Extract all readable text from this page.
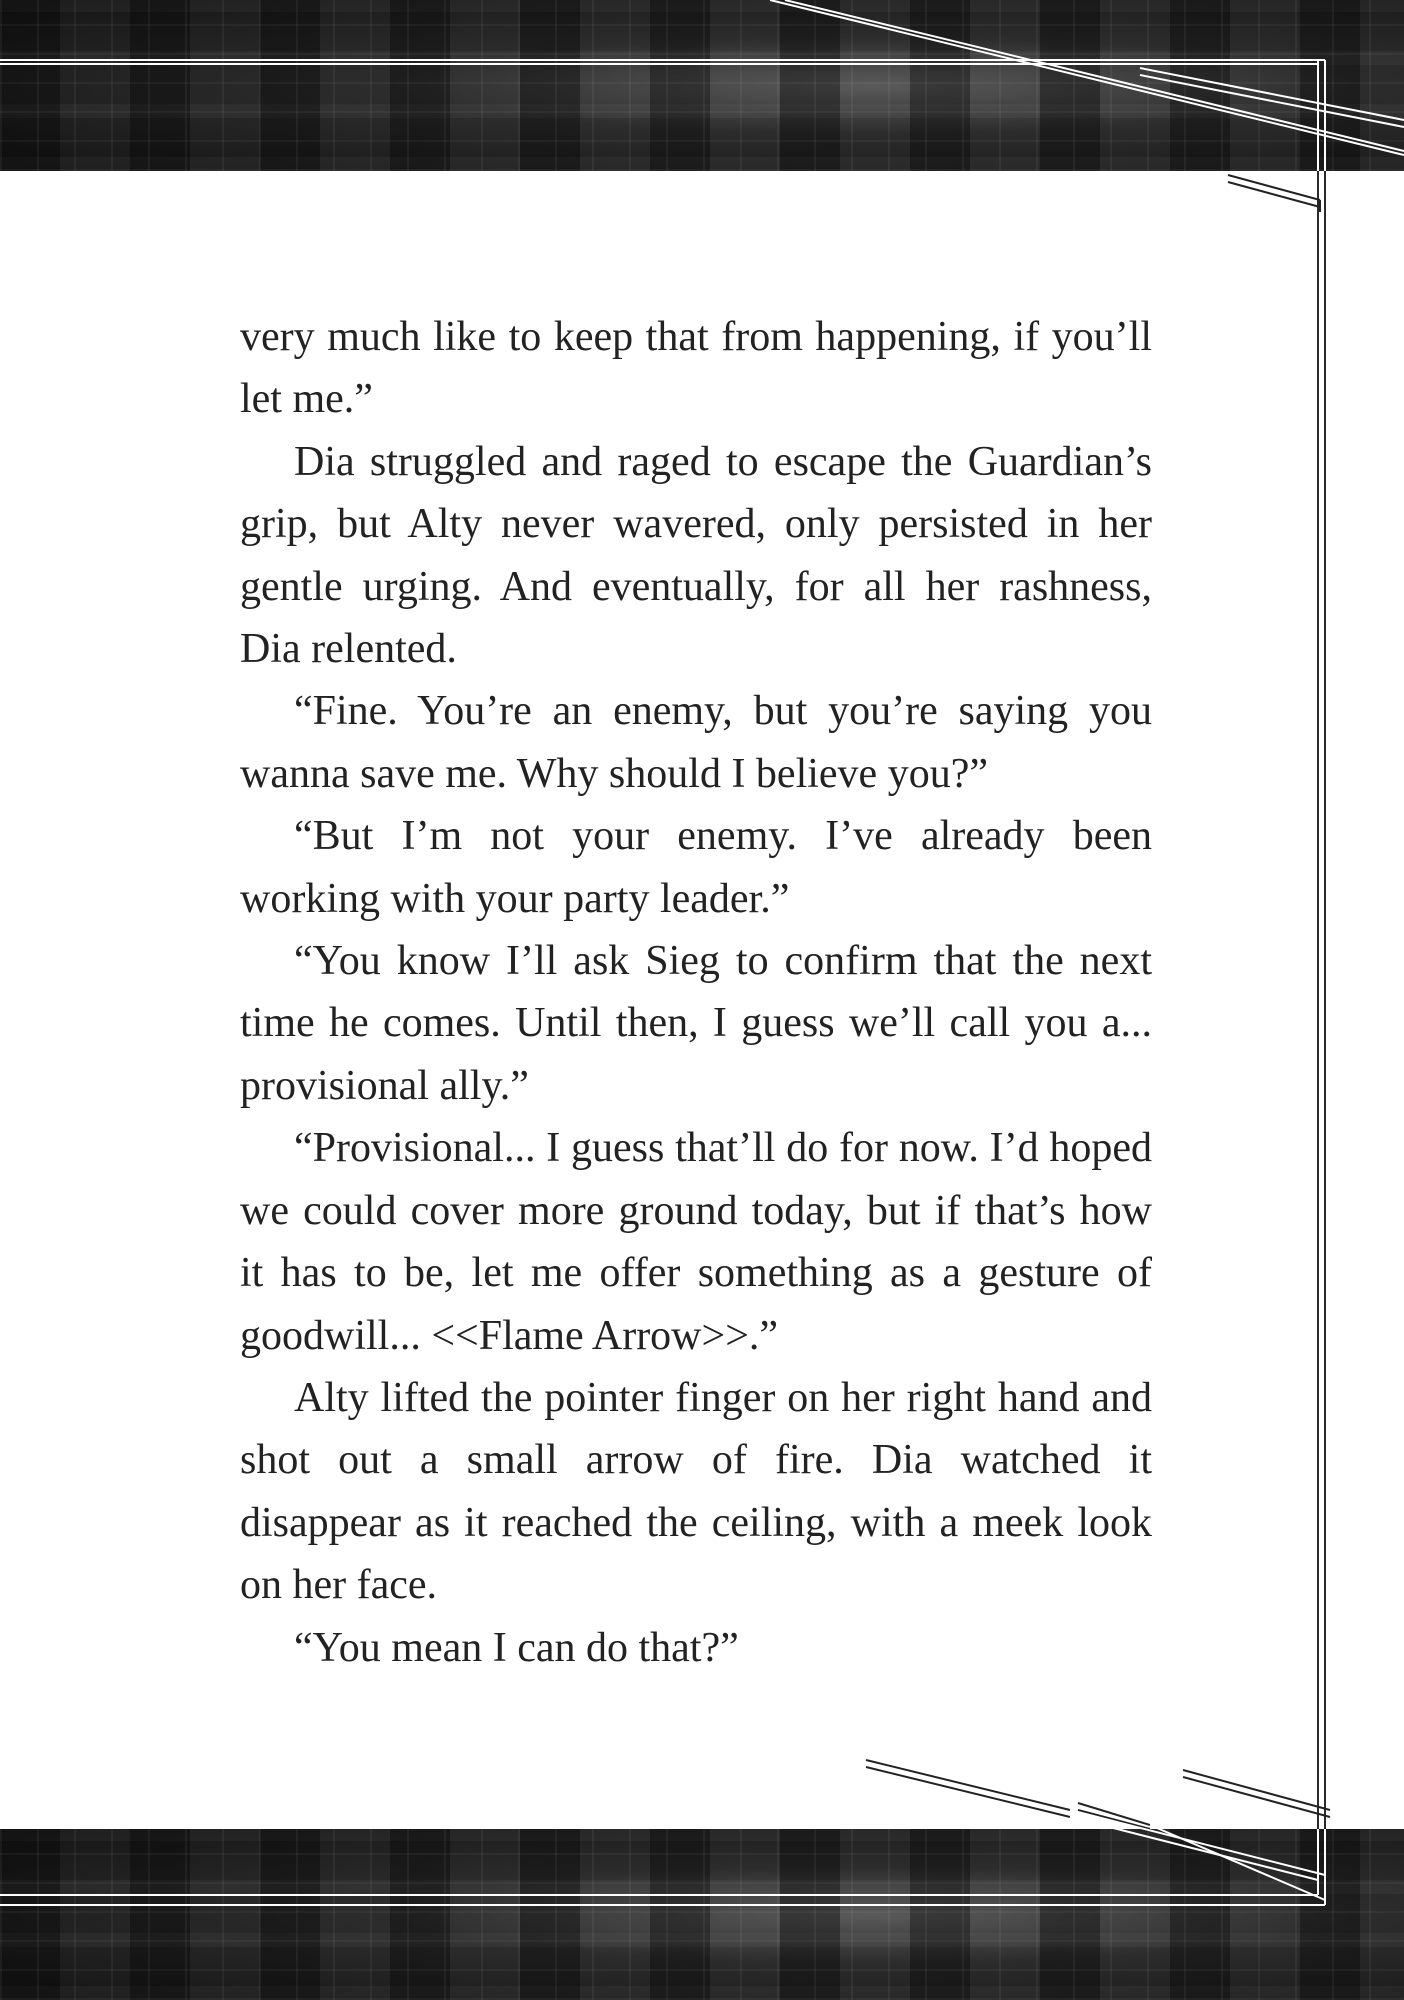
very much like to keep that from happening, if you’ll let me.”

Dia struggled and raged to escape the Guardian’s grip, but Alty never wavered, only persisted in her gentle urging. And eventually, for all her rashness, Dia relented.

“Fine. You’re an enemy, but you’re saying you wanna save me. Why should I believe you?”

“But I’m not your enemy. I’ve already been working with your party leader.”

“You know I’ll ask Sieg to confirm that the next time he comes. Until then, I guess we’ll call you a... provisional ally.”

“Provisional... I guess that’ll do for now. I’d hoped we could cover more ground today, but if that’s how it has to be, let me offer something as a gesture of goodwill... <<Flame Arrow>>.”

Alty lifted the pointer finger on her right hand and shot out a small arrow of fire. Dia watched it disappear as it reached the ceiling, with a meek look on her face.

“You mean I can do that?”
